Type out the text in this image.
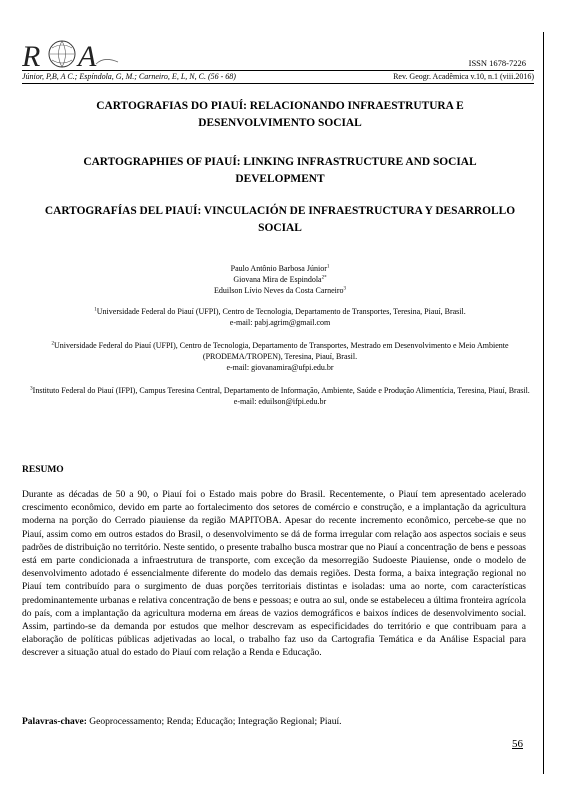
R A
RGA
ISSN 1678-7226
Júnior, P,B, A C.; Espíndola, G, M.; Carneiro, E, L, N, C. (56 - 68)	Rev. Geogr. Acadêmica v.10, n.1 (viii.2016)
CARTOGRAFIAS DO PIAUÍ: RELACIONANDO INFRAESTRUTURA E DESENVOLVIMENTO SOCIAL
CARTOGRAPHIES OF PIAUÍ: LINKING INFRASTRUCTURE AND SOCIAL DEVELOPMENT
CARTOGRAFÍAS DEL PIAUÍ: VINCULACIÓN DE INFRAESTRUCTURA Y DESARROLLO SOCIAL
Paulo Antônio Barbosa Júnior$^1$
Giovana Mira de Espindola$^{2*}$
Eduilson Lívio Neves da Costa Carneiro$^3$
$^1$Universidade Federal do Piauí (UFPI), Centro de Tecnologia, Departamento de Transportes, Teresina, Piauí, Brasil.
e-mail: pabj.agrim@gmail.com
$^2$Universidade Federal do Piauí (UFPI), Centro de Tecnologia, Departamento de Transportes, Mestrado em Desenvolvimento e Meio Ambiente (PRODEMA/TROPEN), Teresina, Piauí, Brasil.
e-mail: giovanamira@ufpi.edu.br
$^3$Instituto Federal do Piauí (IFPI), Campus Teresina Central, Departamento de Informação, Ambiente, Saúde e Produção Alimentícia, Teresina, Piauí, Brasil.
e-mail: eduilson@ifpi.edu.br
RESUMO
Durante as décadas de 50 a 90, o Piauí foi o Estado mais pobre do Brasil. Recentemente, o Piauí tem apresentado acelerado crescimento econômico, devido em parte ao fortalecimento dos setores de comércio e construção, e a implantação da agricultura moderna na porção do Cerrado piauiense da região MAPITOBA. Apesar do recente incremento econômico, percebe-se que no Piauí, assim como em outros estados do Brasil, o desenvolvimento se dá de forma irregular com relação aos aspectos sociais e seus padrões de distribuição no território. Neste sentido, o presente trabalho busca mostrar que no Piauí a concentração de bens e pessoas está em parte condicionada a infraestrutura de transporte, com exceção da mesorregião Sudoeste Piauiense, onde o modelo de desenvolvimento adotado é essencialmente diferente do modelo das demais regiões. Desta forma, a baixa integração regional no Piauí tem contribuído para o surgimento de duas porções territoriais distintas e isoladas: uma ao norte, com características predominantemente urbanas e relativa concentração de bens e pessoas; e outra ao sul, onde se estabeleceu a última fronteira agrícola do país, com a implantação da agricultura moderna em áreas de vazios demográficos e baixos índices de desenvolvimento social. Assim, partindo-se da demanda por estudos que melhor descrevam as especificidades do território e que contribuam para a elaboração de políticas públicas adjetivadas ao local, o trabalho faz uso da Cartografia Temática e da Análise Espacial para descrever a situação atual do estado do Piauí com relação a Renda e Educação.
Palavras-chave: Geoprocessamento; Renda; Educação; Integração Regional; Piauí.
56
